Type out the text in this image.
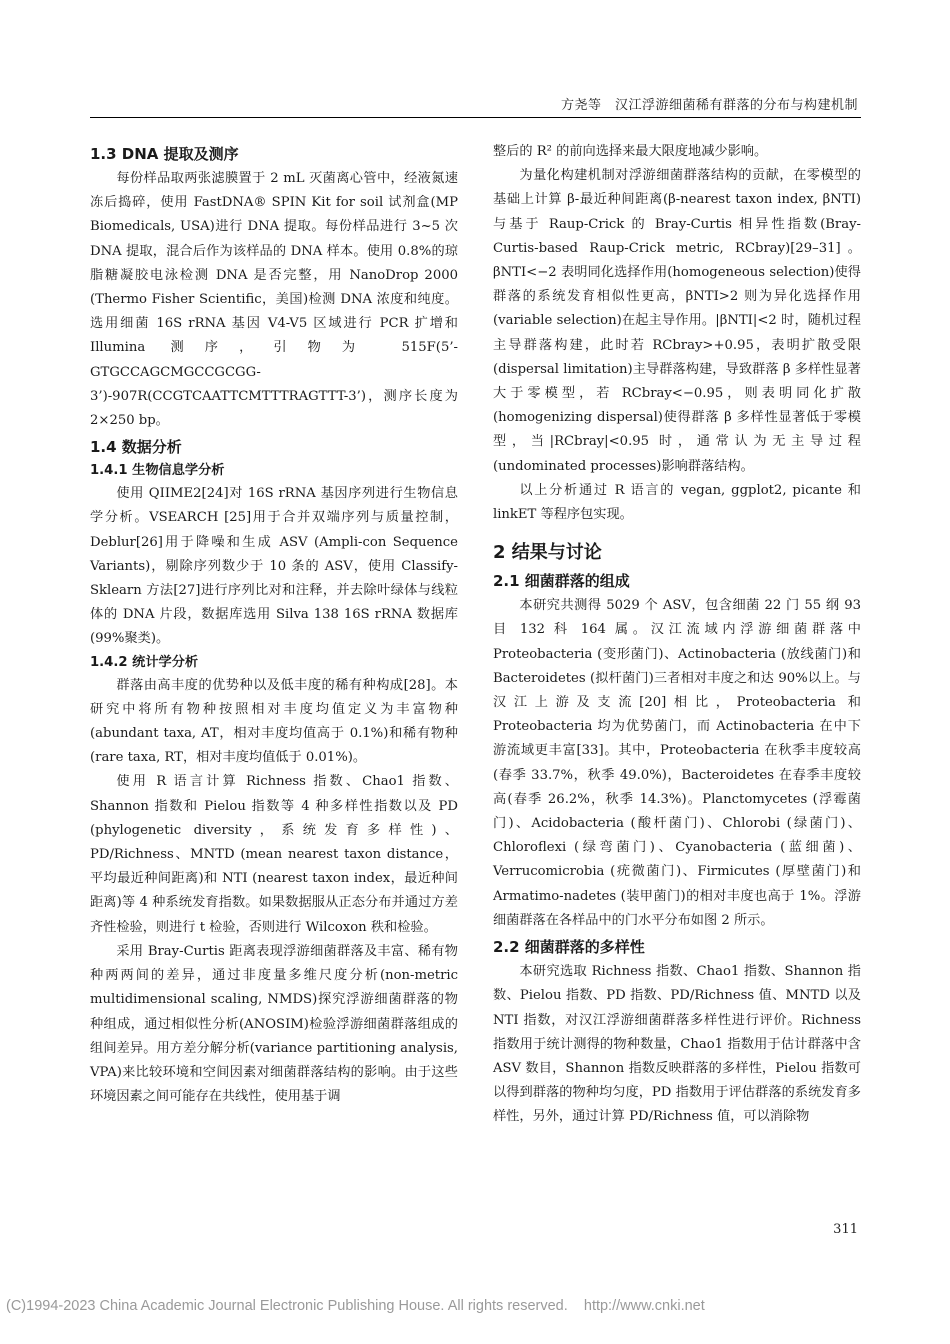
方尧等　汉江浮游细菌稀有群落的分布与构建机制
1.3 DNA 提取及测序

每份样品取两张滤膜置于 2 mL 灭菌离心管中，经液氮速冻后捣碎，使用 FastDNA® SPIN Kit for soil 试剂盒(MP Biomedicals, USA)进行 DNA 提取。每份样品进行 3~5 次 DNA 提取，混合后作为该样品的 DNA 样本。使用 0.8%的琼脂糖凝胶电泳检测 DNA 是否完整，用 NanoDrop 2000 (Thermo Fisher Scientific，美国)检测 DNA 浓度和纯度。选用细菌 16S rRNA 基因 V4-V5 区域进行 PCR 扩增和 Illumina 测序，引物为 515F(5’-GTGCCAGCMGCCGCGG-3’)-907R(CCGTCAATTCMTTTRAGTTT-3’)，测序长度为 2×250 bp。

1.4 数据分析
1.4.1 生物信息学分析

使用 QIIME2[24]对 16S rRNA 基因序列进行生物信息学分析。VSEARCH [25]用于合并双端序列与质量控制，Deblur[26]用于降噪和生成 ASV (Ampli-con Sequence Variants)，剔除序列数少于 10 条的 ASV，使用 Classify-Sklearn 方法[27]进行序列比对和注释，并去除叶绿体与线粒体的 DNA 片段，数据库选用 Silva 138 16S rRNA 数据库(99%聚类)。

1.4.2 统计学分析

群落由高丰度的优势种以及低丰度的稀有种构成[28]。本研究中将所有物种按照相对丰度均值定义为丰富物种(abundant taxa, AT，相对丰度均值高于 0.1%)和稀有物种(rare taxa, RT，相对丰度均值低于 0.01%)。

使用 R 语言计算 Richness 指数、Chao1 指数、Shannon 指数和 Pielou 指数等 4 种多样性指数以及 PD (phylogenetic diversity，系统发育多样性)、PD/Richness、MNTD (mean nearest taxon distance，平均最近种间距离)和 NTI (nearest taxon index，最近种间距离)等 4 种系统发育指数。如果数据服从正态分布并通过方差齐性检验，则进行 t 检验，否则进行 Wilcoxon 秩和检验。

采用 Bray-Curtis 距离表现浮游细菌群落及丰富、稀有物种两两间的差异，通过非度量多维尺度分析(non-metric multidimensional scaling, NMDS)探究浮游细菌群落的物种组成，通过相似性分析(ANOSIM)检验浮游细菌群落组成的组间差异。用方差分解分析(variance partitioning analysis, VPA)来比较环境和空间因素对细菌群落结构的影响。由于这些环境因素之间可能存在共线性，使用基于调

整后的 R² 的前向选择来最大限度地减少影响。

为量化构建机制对浮游细菌群落结构的贡献，在零模型的基础上计算 β-最近种间距离(β-nearest taxon index, βNTI)与基于 Raup-Crick 的 Bray-Curtis 相异性指数(Bray-Curtis-based Raup-Crick metric, RCbray)[29–31]。βNTI<−2 表明同化选择作用(homogeneous selection)使得群落的系统发育相似性更高，βNTI>2 则为异化选择作用(variable selection)在起主导作用。|βNTI|<2 时，随机过程主导群落构建，此时若 RCbray>+0.95，表明扩散受限(dispersal limitation)主导群落构建，导致群落 β 多样性显著大于零模型，若 RCbray<−0.95，则表明同化扩散(homogenizing dispersal)使得群落 β 多样性显著低于零模型，当|RCbray|<0.95 时，通常认为无主导过程(undominated processes)影响群落结构。

以上分析通过 R 语言的 vegan, ggplot2, picante 和 linkET 等程序包实现。

2 结果与讨论
2.1 细菌群落的组成

本研究共测得 5029 个 ASV，包含细菌 22 门 55 纲 93 目 132 科 164 属。汉江流域内浮游细菌群落中 Proteobacteria (变形菌门)、Actinobacteria (放线菌门)和 Bacteroidetes (拟杆菌门)三者相对丰度之和达 90%以上。与汉江上游及支流[20]相比，Proteobacteria 和 Proteobacteria 均为优势菌门，而 Actinobacteria 在中下游流域更丰富[33]。其中，Proteobacteria 在秋季丰度较高(春季 33.7%，秋季 49.0%)，Bacteroidetes 在春季丰度较高(春季 26.2%，秋季 14.3%)。Planctomycetes (浮霉菌门)、Acidobacteria (酸杆菌门)、Chlorobi (绿菌门)、Chloroflexi (绿弯菌门)、Cyanobacteria (蓝细菌)、Verrucomicrobia (疣微菌门)、Firmicutes (厚壁菌门)和 Armatimo-nadetes (装甲菌门)的相对丰度也高于 1%。浮游细菌群落在各样品中的门水平分布如图 2 所示。

2.2 细菌群落的多样性

本研究选取 Richness 指数、Chao1 指数、Shannon 指数、Pielou 指数、PD 指数、PD/Richness 值、MNTD 以及 NTI 指数，对汉江浮游细菌群落多样性进行评价。Richness 指数用于统计测得的物种数量，Chao1 指数用于估计群落中含 ASV 数目，Shannon 指数反映群落的多样性，Pielou 指数可以得到群落的物种均匀度，PD 指数用于评估群落的系统发育多样性，另外，通过计算 PD/Richness 值，可以消除物

311
(C)1994-2023 China Academic Journal Electronic Publishing House. All rights reserved.    http://www.cnki.net
